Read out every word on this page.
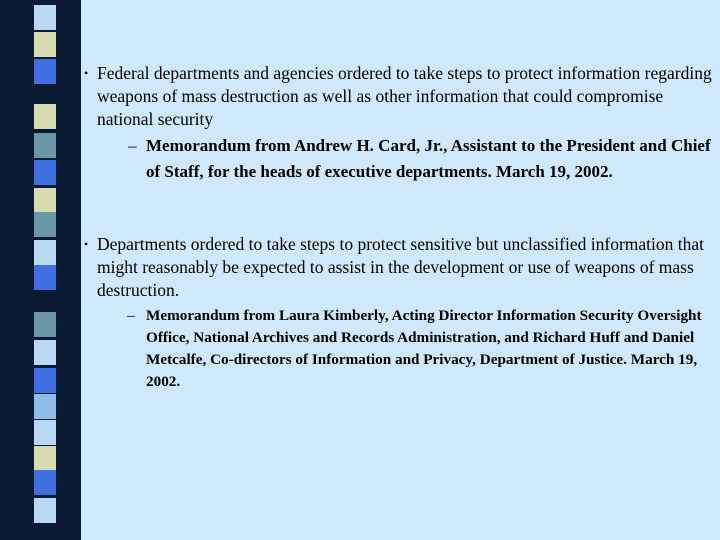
• Federal departments and agencies ordered to take steps to protect information regarding weapons of mass destruction as well as other information that could compromise national security
– Memorandum from Andrew H. Card, Jr., Assistant to the President and Chief of Staff, for the heads of executive departments. March 19, 2002.
• Departments ordered to take steps to protect sensitive but unclassified information that might reasonably be expected to assist in the development or use of weapons of mass destruction.
– Memorandum from Laura Kimberly, Acting Director Information Security Oversight Office, National Archives and Records Administration, and Richard Huff and Daniel Metcalfe, Co-directors of Information and Privacy, Department of Justice. March 19, 2002.
